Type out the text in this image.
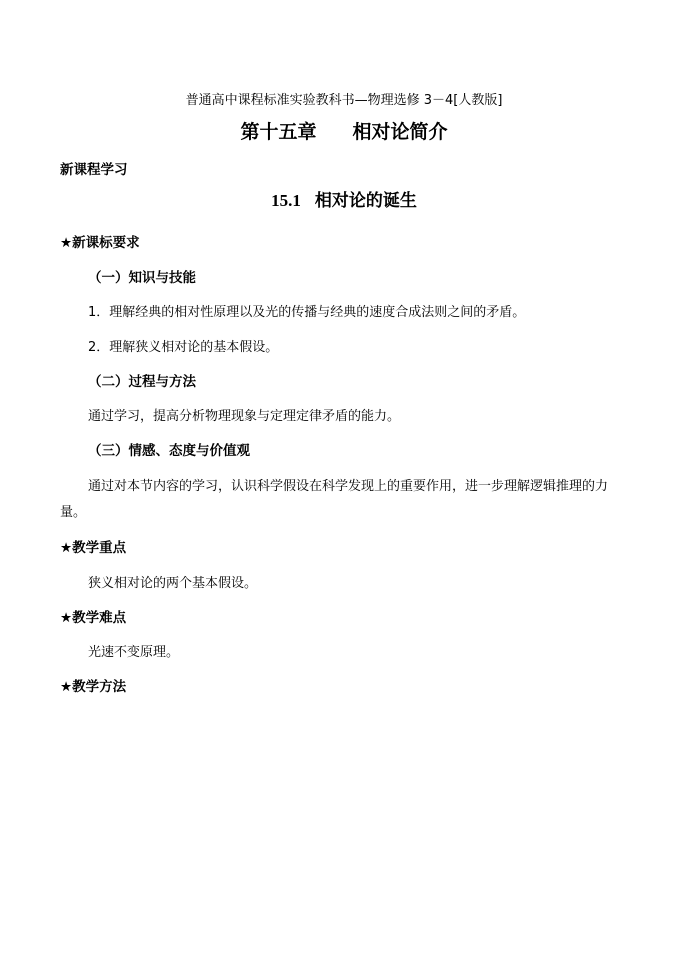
普通高中课程标准实验教科书—物理选修 3－4[人教版]
第十五章 相对论简介
新课程学习
15.1 相对论的诞生
★新课标要求
（一）知识与技能
1．理解经典的相对性原理以及光的传播与经典的速度合成法则之间的矛盾。
2．理解狭义相对论的基本假设。
（二）过程与方法
通过学习，提高分析物理现象与定理定律矛盾的能力。
（三）情感、态度与价值观
通过对本节内容的学习，认识科学假设在科学发现上的重要作用，进一步理解逻辑推理的力量。
★教学重点
狭义相对论的两个基本假设。
★教学难点
光速不变原理。
★教学方法
